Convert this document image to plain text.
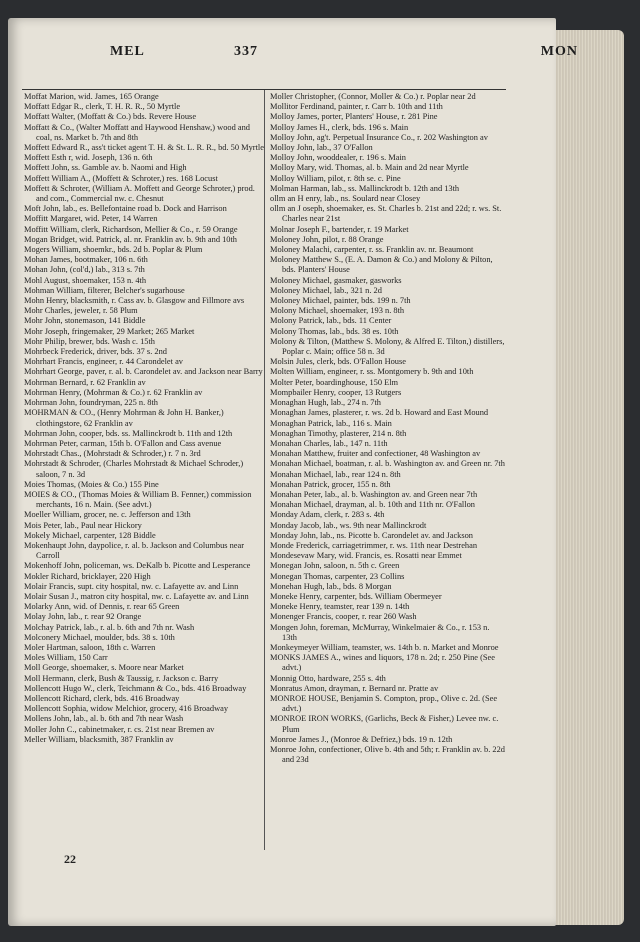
MEL	337	MON
Moffat Marion, wid. James, 165 Orange
Moffatt Edgar R., clerk, T. H. R. R., 50 Myrtle
Moffatt Walter, (Moffatt & Co.) bds. Revere House
Moffatt & Co., (Walter Moffatt and Haywood Henshaw,) wood and coal, ns. Market b. 7th and 8th
Moffett Edward R., ass't ticket agent T. H. & St. L. R. R., bd. 50 Myrtle
Moffett Esth r, wid. Joseph, 136 n. 6th
Moffett John, ss. Gamble av. b. Naomi and High
Moffett William A., (Moffett & Schroter,) res. 168 Locust
Moffett & Schroter, (William A. Moffett and George Schroter,) prod. and com., Commercial nw. c. Chesnut
Moft John, lab., es. Bellefontaine road b. Dock and Harrison
Moffitt Margaret, wid. Peter, 14 Warren
Moffitt William, clerk, Richardson, Mellier & Co., r. 59 Orange
Mogan Bridget, wid. Patrick, al. nr. Franklin av. b. 9th and 10th
Mogers William, shoemkr., bds. 2d b. Poplar & Plum
Mohan James, bootmaker, 106 n. 6th
Mohan John, (col'd,) lab., 313 s. 7th
Mohl August, shoemaker, 153 n. 4th
Mohman William, filterer, Belcher's sugarhouse
Mohn Henry, blacksmith, r. Cass av. b. Glasgow and Fillmore avs
Mohr Charles, jeweler, r. 58 Plum
Mohr John, stonemason, 141 Biddle
Mohr Joseph, fringemaker, 29 Market; 265 Market
Mohr Philip, brewer, bds. Wash c. 15th
Mohrbeck Frederick, driver, bds. 37 s. 2nd
Mohrhart Francis, engineer, r. 44 Carondelet av
Mohrhart George, paver, r. al. b. Carondelet av. and Jackson near Barry
Mohrman Bernard, r. 62 Franklin av
Mohrman Henry, (Mohrman & Co.) r. 62 Franklin av
Mohrman John, foundryman, 225 n. 8th
MOHRMAN & CO., (Henry Mohrman & John H. Banker,) clothingstore, 62 Franklin av
Mohrman John, cooper, bds. ss. Mallinckrodt b. 11th and 12th
Mohrman Peter, carman, 15th b. O'Fallon and Cass avenue
Mohrstadt Chas., (Mohrstadt & Schroder,) r. 7 n. 3rd
Mohrstadt & Schroder, (Charles Mohrstadt & Michael Schroder,) saloon, 7 n. 3d
Moies Thomas, (Moies & Co.) 155 Pine
MOIES & CO., (Thomas Moies & William B. Fenner,) commission merchants, 16 n. Main. (See advt.)
Moeller William, grocer, ne. c. Jefferson and 13th
Mois Peter, lab., Paul near Hickory
Mokely Michael, carpenter, 128 Biddle
Mokenhaupt John, daypolice, r. al. b. Jackson and Columbus near Carroll
Mokenhoff John, policeman, ws. DeKalb b. Picotte and Lesperance
Mokler Richard, bricklayer, 220 High
Molair Francis, supt. city hospital, nw. c. Lafayette av. and Linn
Molair Susan J., matron city hospital, nw. c. Lafayette av. and Linn
Molarky Ann, wid. of Dennis, r. rear 65 Green
Molay John, lab., r. rear 92 Orange
Molchay Patrick, lab., r. al. b. 6th and 7th nr. Wash
Molconery Michael, moulder, bds. 38 s. 10th
Moler Hartman, saloon, 18th c. Warren
Moles William, 150 Carr
Moll George, shoemaker, s. Moore near Market
Moll Hermann, clerk, Bush & Taussig, r. Jackson c. Barry
Mollencott Hugo W., clerk, Teichmann & Co., bds. 416 Broadway
Mollencott Richard, clerk, bds. 416 Broadway
Mollencott Sophia, widow Melchior, grocery, 416 Broadway
Mollens John, lab., al. b. 6th and 7th near Wash
Moller John C., cabinetmaker, r. cs. 21st near Bremen av
Meller William, blacksmith, 387 Franklin av
Moller Christopher, (Connor, Moller & Co.) r. Poplar near 2d
Mollitor Ferdinand, painter, r. Carr b. 10th and 11th
Molloy James, porter, Planters' House, r. 281 Pine
Molloy James H., clerk, bds. 196 s. Main
Molloy John, ag't. Perpetual Insurance Co., r. 202 Washington av
Molloy John, lab., 37 O'Fallon
Molloy John, wooddealer, r. 196 s. Main
Molloy Mary, wid. Thomas, al. b. Main and 2d near Myrtle
Molloy William, pilot, r. 8th se. c. Pine
Molman Harman, lab., ss. Mallinckrodt b. 12th and 13th
ollm an H enry, lab., ns. Soulard near Closey
ollm an J oseph, shoemaker, es. St. Charles b. 21st and 22d; r. ws. St. Charles near 21st
Molnar Joseph F., bartender, r. 19 Market
Moloney John, pilot, r. 88 Orange
Moloney Malachi, carpenter, r. ss. Franklin av. nr. Beaumont
Moloney Matthew S., (E. A. Damon & Co.) and Molony & Pilton, bds. Planters' House
Moloney Michael, gasmaker, gasworks
Moloney Michael, lab., 321 n. 2d
Moloney Michael, painter, bds. 199 n. 7th
Molony Michael, shoemaker, 193 n. 8th
Molony Patrick, lab., bds. 11 Center
Molony Thomas, lab., bds. 38 es. 10th
Molony & Tilton, (Matthew S. Molony, & Alfred E. Tilton,) distillers, Poplar c. Main; office 58 n. 3d
Molsin Jules, clerk, bds. O'Fallon House
Molten William, engineer, r. ss. Montgomery b. 9th and 10th
Molter Peter, boardinghouse, 150 Elm
Mompbailer Henry, cooper, 13 Rutgers
Monaghan Hugh, lab., 274 n. 7th
Monaghan James, plasterer, r. ws. 2d b. Howard and East Mound
Monaghan Patrick, lab., 116 s. Main
Monaghan Timothy, plasterer, 214 n. 8th
Monahan Charles, lab., 147 n. 11th
Monahan Matthew, fruiter and confectioner, 48 Washington av
Monahan Michael, boatman, r. al. b. Washington av. and Green nr. 7th
Monahan Michael, lab., rear 124 n. 8th
Monahan Patrick, grocer, 155 n. 8th
Monahan Peter, lab., al. b. Washington av. and Green near 7th
Monahan Michael, drayman, al. b. 10th and 11th nr. O'Fallon
Monday Adam, clerk, r. 283 s. 4th
Monday Jacob, lab., ws. 9th near Mallinckrodt
Monday John, lab., ns. Picotte b. Carondelet av. and Jackson
Monde Frederick, carriagetrimmer, r. ws. 11th near Destrehan
Mondesevaw Mary, wid. Francis, es. Rosatti near Emmet
Monegan John, saloon, n. 5th c. Green
Monegan Thomas, carpenter, 23 Collins
Monehan Hugh, lab., bds. 8 Morgan
Moneke Henry, carpenter, bds. William Obermeyer
Moneke Henry, teamster, rear 139 n. 14th
Monenger Francis, cooper, r. rear 260 Wash
Mongen John, foreman, McMurray, Winkelmaier & Co., r. 153 n. 13th
Monkeymeyer William, teamster, ws. 14th b. n. Market and Monroe
MONKS JAMES A., wines and liquors, 178 n. 2d; r. 250 Pine (See advt.)
Monnig Otto, hardware, 255 s. 4th
Monratus Amon, drayman, r. Bernard nr. Pratte av
MONROE HOUSE, Benjamin S. Compton, prop., Olive c. 2d. (See advt.)
MONROE IRON WORKS, (Garlichs, Beck & Fisher,) Levee nw. c. Plum
Monroe James J., (Monroe & Defriez,) bds. 19 n. 12th
Monroe John, confectioner, Olive b. 4th and 5th; r. Franklin av. b. 22d and 23d
22
